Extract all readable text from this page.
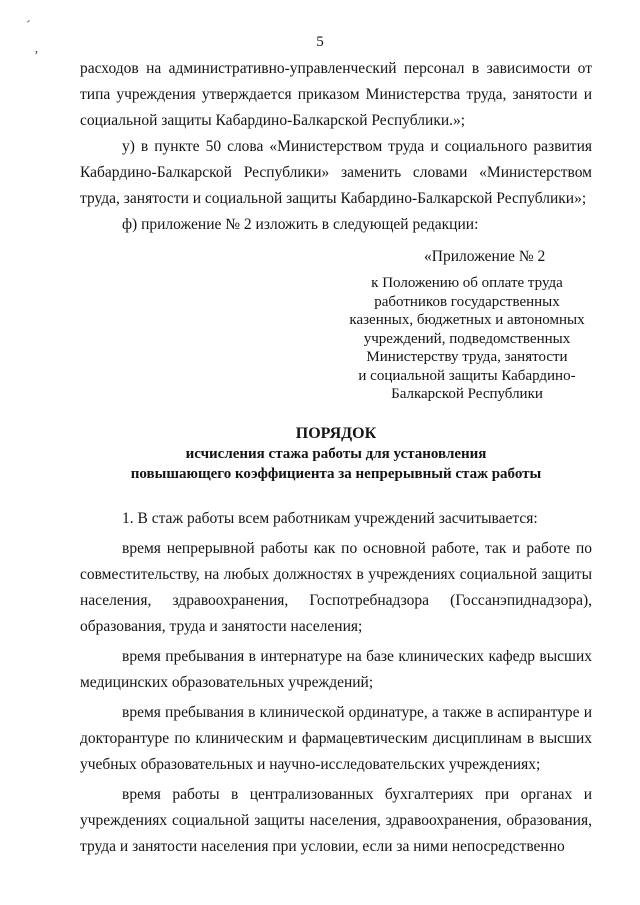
5
´
ʼ

расходов на административно-управленческий персонал в зависимости от типа учреждения утверждается приказом Министерства труда, занятости и социальной защиты Кабардино-Балкарской Республики.»;

у) в пункте 50 слова «Министерством труда и социального развития Кабардино-Балкарской Республики» заменить словами «Министерством труда, занятости и социальной защиты Кабардино-Балкарской Республики»;

ф) приложение № 2 изложить в следующей редакции:

«Приложение № 2
к Положению об оплате труда
работников государственных
казенных, бюджетных и автономных
учреждений, подведомственных
Министерству труда, занятости
и социальной защиты Кабардино-
Балкарской Республики
ПОРЯДОК
исчисления стажа работы для установления
повышающего коэффициента за непрерывный стаж работы

1. В стаж работы всем работникам учреждений засчитывается:

время непрерывной работы как по основной работе, так и работе по совместительству, на любых должностях в учреждениях социальной защиты населения, здравоохранения, Госпотребнадзора (Госсанэпиднадзора), образования, труда и занятости населения;

время пребывания в интернатуре на базе клинических кафедр высших медицинских образовательных учреждений;

время пребывания в клинической ординатуре, а также в аспирантуре и докторантуре по клиническим и фармацевтическим дисциплинам в высших учебных образовательных и научно-исследовательских учреждениях;

время работы в централизованных бухгалтериях при органах и учреждениях социальной защиты населения, здравоохранения, образования, труда и занятости населения при условии, если за ними непосредственно
